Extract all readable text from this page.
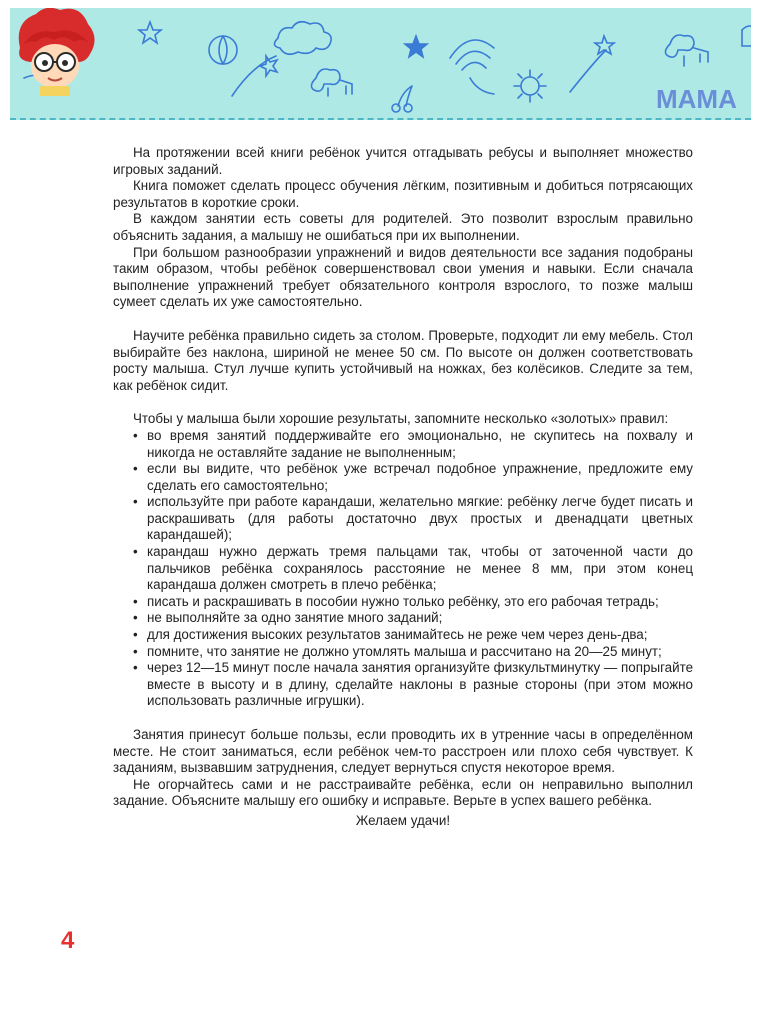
МАМА

На протяжении всей книги ребёнок учится отгадывать ребусы и выполняет множество игровых заданий.

Книга поможет сделать процесс обучения лёгким, позитивным и добиться потрясающих результатов в короткие сроки.

В каждом занятии есть советы для родителей. Это позволит взрослым правильно объяснить задания, а малышу не ошибаться при их выполнении.

При большом разнообразии упражнений и видов деятельности все задания подобраны таким образом, чтобы ребёнок совершенствовал свои умения и навыки. Если сначала выполнение упражнений требует обязательного контроля взрослого, то позже малыш сумеет сделать их уже самостоятельно.

Научите ребёнка правильно сидеть за столом. Проверьте, подходит ли ему мебель. Стол выбирайте без наклона, шириной не менее 50 см. По высоте он должен соответствовать росту малыша. Стул лучше купить устойчивый на ножках, без колёсиков. Следите за тем, как ребёнок сидит.

Чтобы у малыша были хорошие результаты, запомните несколько «золотых» правил:

• во время занятий поддерживайте его эмоционально, не скупитесь на похвалу и никогда не оставляйте задание не выполненным;
• если вы видите, что ребёнок уже встречал подобное упражнение, предложите ему сделать его самостоятельно;
• используйте при работе карандаши, желательно мягкие: ребёнку легче будет писать и раскрашивать (для работы достаточно двух простых и двенадцати цветных карандашей);
• карандаш нужно держать тремя пальцами так, чтобы от заточенной части до пальчиков ребёнка сохранялось расстояние не менее 8 мм, при этом конец карандаша должен смотреть в плечо ребёнка;
• писать и раскрашивать в пособии нужно только ребёнку, это его рабочая тетрадь;
• не выполняйте за одно занятие много заданий;
• для достижения высоких результатов занимайтесь не реже чем через день-два;
• помните, что занятие не должно утомлять малыша и рассчитано на 20—25 минут;
• через 12—15 минут после начала занятия организуйте физкультминутку — попрыгайте вместе в высоту и в длину, сделайте наклоны в разные стороны (при этом можно использовать различные игрушки).

Занятия принесут больше пользы, если проводить их в утренние часы в определённом месте. Не стоит заниматься, если ребёнок чем-то расстроен или плохо себя чувствует. К заданиям, вызвавшим затруднения, следует вернуться спустя некоторое время.

Не огорчайтесь сами и не расстраивайте ребёнка, если он неправильно выполнил задание. Объясните малышу его ошибку и исправьте. Верьте в успех вашего ребёнка.

Желаем удачи!
4
